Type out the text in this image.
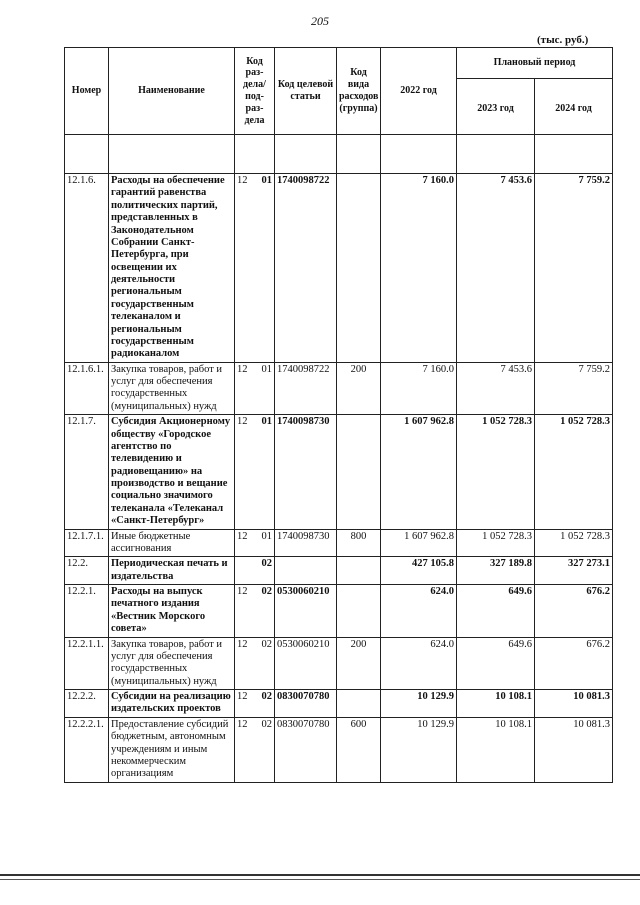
205
(тыс. руб.)
Номер	Наименование	Код раз-дела/ под-раз-дела	Код целевой статьи	Код вида расходов (группа)	2022 год	Плановый период	
						2023 год	2024 год

12.1.6.	Расходы на обеспечение гарантий равенства политических партий, представленных в Законодательном Собрании Санкт-Петербурга, при освещении их деятельности региональным государственным телеканалом и региональным государственным радиоканалом	12 01	1740098722		7 160.0	7 453.6	7 759.2
12.1.6.1.	Закупка товаров, работ и услуг для обеспечения государственных (муниципальных) нужд	12 01	1740098722	200	7 160.0	7 453.6	7 759.2
12.1.7.	Субсидия Акционерному обществу «Городское агентство по телевидению и радиовещанию» на производство и вещание социально значимого телеканала «Телеканал «Санкт-Петербург»	12 01	1740098730		1 607 962.8	1 052 728.3	1 052 728.3
12.1.7.1.	Иные бюджетные ассигнования	12 01	1740098730	800	1 607 962.8	1 052 728.3	1 052 728.3
12.2.	Периодическая печать и издательства	02			427 105.8	327 189.8	327 273.1
12.2.1.	Расходы на выпуск печатного издания «Вестник Морского совета»	12 02	0530060210		624.0	649.6	676.2
12.2.1.1.	Закупка товаров, работ и услуг для обеспечения государственных (муниципальных) нужд	12 02	0530060210	200	624.0	649.6	676.2
12.2.2.	Субсидии на реализацию издательских проектов	12 02	0830070780		10 129.9	10 108.1	10 081.3
12.2.2.1.	Предоставление субсидий бюджетным, автономным учреждениям и иным некоммерческим организациям	12 02	0830070780	600	10 129.9	10 108.1	10 081.3
